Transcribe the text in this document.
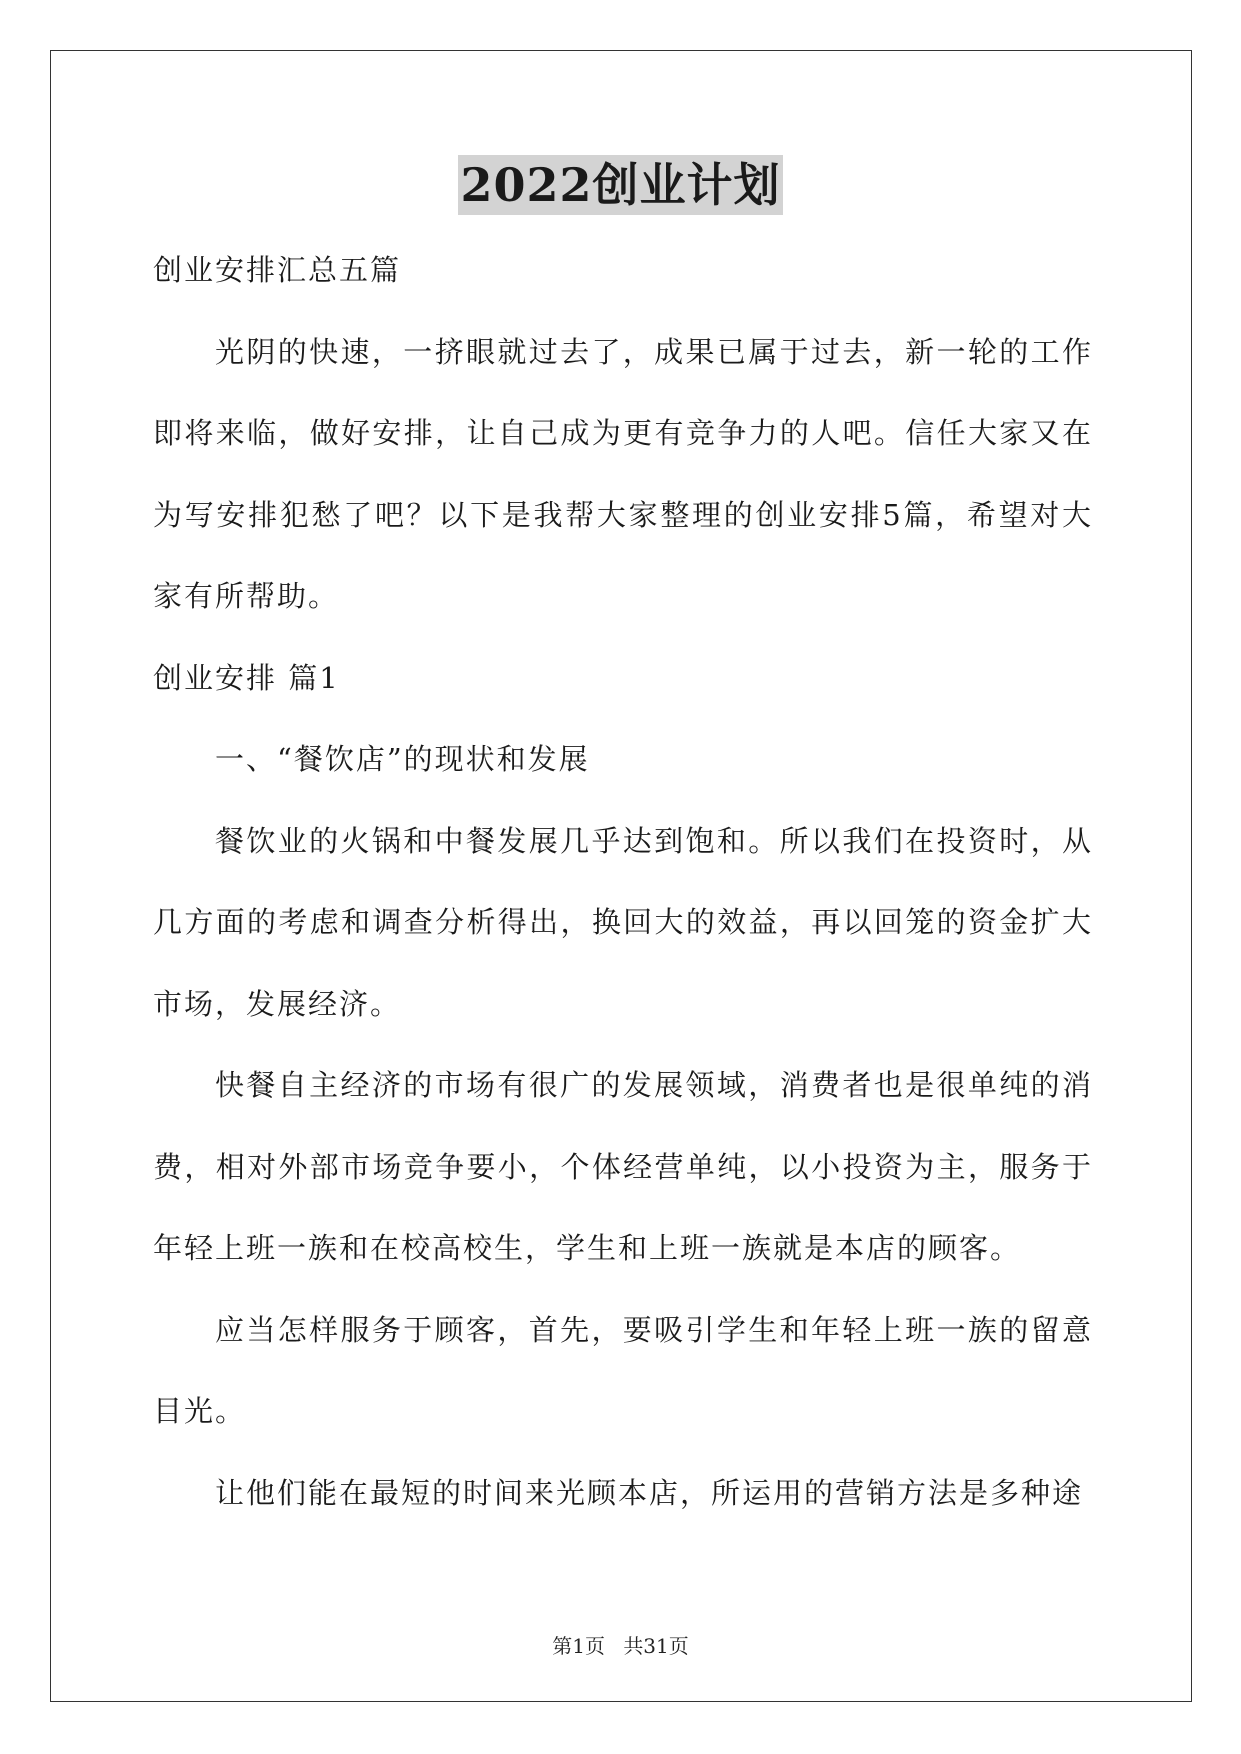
2022创业计划

创业安排汇总五篇

光阴的快速，一挤眼就过去了，成果已属于过去，新一轮的工作即将来临，做好安排，让自己成为更有竞争力的人吧。信任大家又在为写安排犯愁了吧？以下是我帮大家整理的创业安排5篇，希望对大家有所帮助。

创业安排 篇1

一、“餐饮店”的现状和发展

餐饮业的火锅和中餐发展几乎达到饱和。所以我们在投资时，从几方面的考虑和调查分析得出，换回大的效益，再以回笼的资金扩大市场，发展经济。

快餐自主经济的市场有很广的发展领域，消费者也是很单纯的消费，相对外部市场竞争要小，个体经营单纯，以小投资为主，服务于年轻上班一族和在校高校生，学生和上班一族就是本店的顾客。

应当怎样服务于顾客，首先，要吸引学生和年轻上班一族的留意目光。

让他们能在最短的时间来光顾本店，所运用的营销方法是多种途

第1页 共31页
